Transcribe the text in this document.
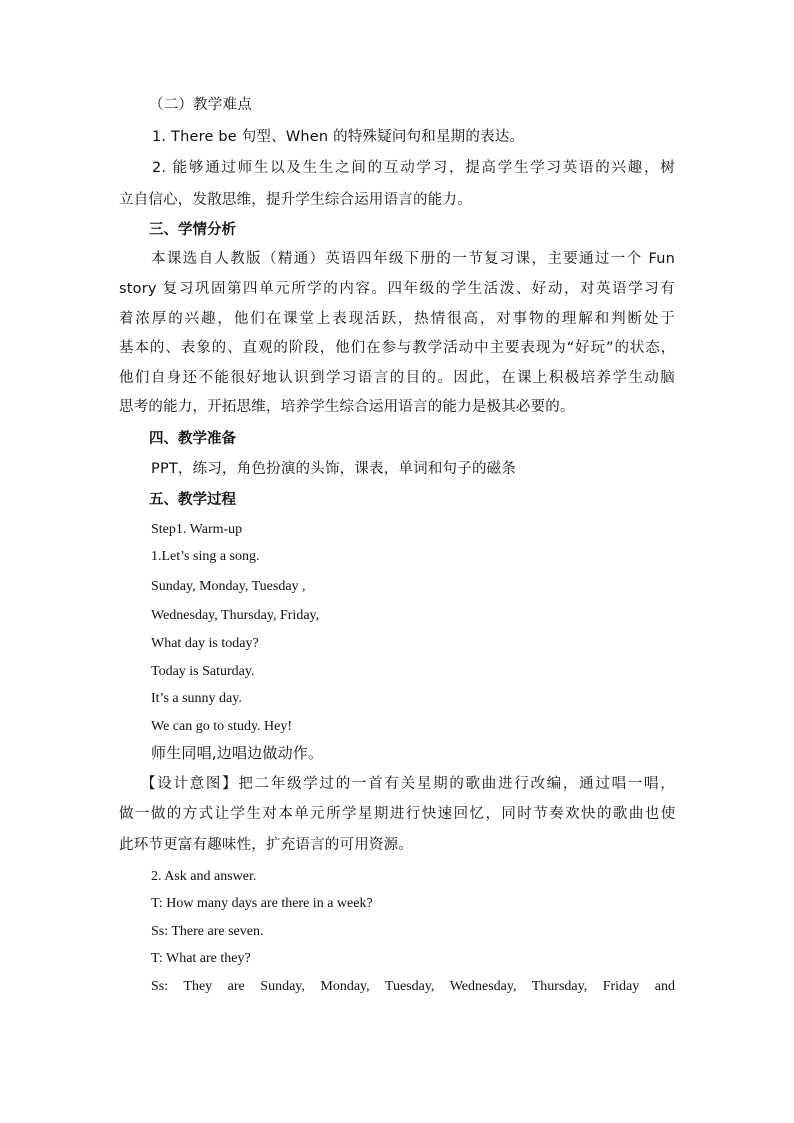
（二）教学难点
1. There be 句型、When 的特殊疑问句和星期的表达。
2. 能够通过师生以及生生之间的互动学习，提高学生学习英语的兴趣，树
立自信心，发散思维，提升学生综合运用语言的能力。
三、学情分析
本课选自人教版（精通）英语四年级下册的一节复习课，主要通过一个 Fun
story 复习巩固第四单元所学的内容。四年级的学生活泼、好动，对英语学习有
着浓厚的兴趣，他们在课堂上表现活跃，热情很高，对事物的理解和判断处于
基本的、表象的、直观的阶段，他们在参与教学活动中主要表现为“好玩”的状态，
他们自身还不能很好地认识到学习语言的目的。因此，在课上积极培养学生动脑
思考的能力，开拓思维，培养学生综合运用语言的能力是极其必要的。
四、教学准备
PPT，练习，角色扮演的头饰，课表，单词和句子的磁条
五、教学过程
Step1. Warm-up
1.Let’s sing a song.
Sunday, Monday, Tuesday ,
Wednesday, Thursday, Friday,
What day is today?
Today is Saturday.
It’s a sunny day.
We can go to study. Hey!
师生同唱,边唱边做动作。
【设计意图】把二年级学过的一首有关星期的歌曲进行改编，通过唱一唱，
做一做的方式让学生对本单元所学星期进行快速回忆，同时节奏欢快的歌曲也使
此环节更富有趣味性，扩充语言的可用资源。
2. Ask and answer.
T: How many days are there in a week?
Ss: There are seven.
T: What are they?
Ss: They are Sunday, Monday, Tuesday, Wednesday, Thursday, Friday and
